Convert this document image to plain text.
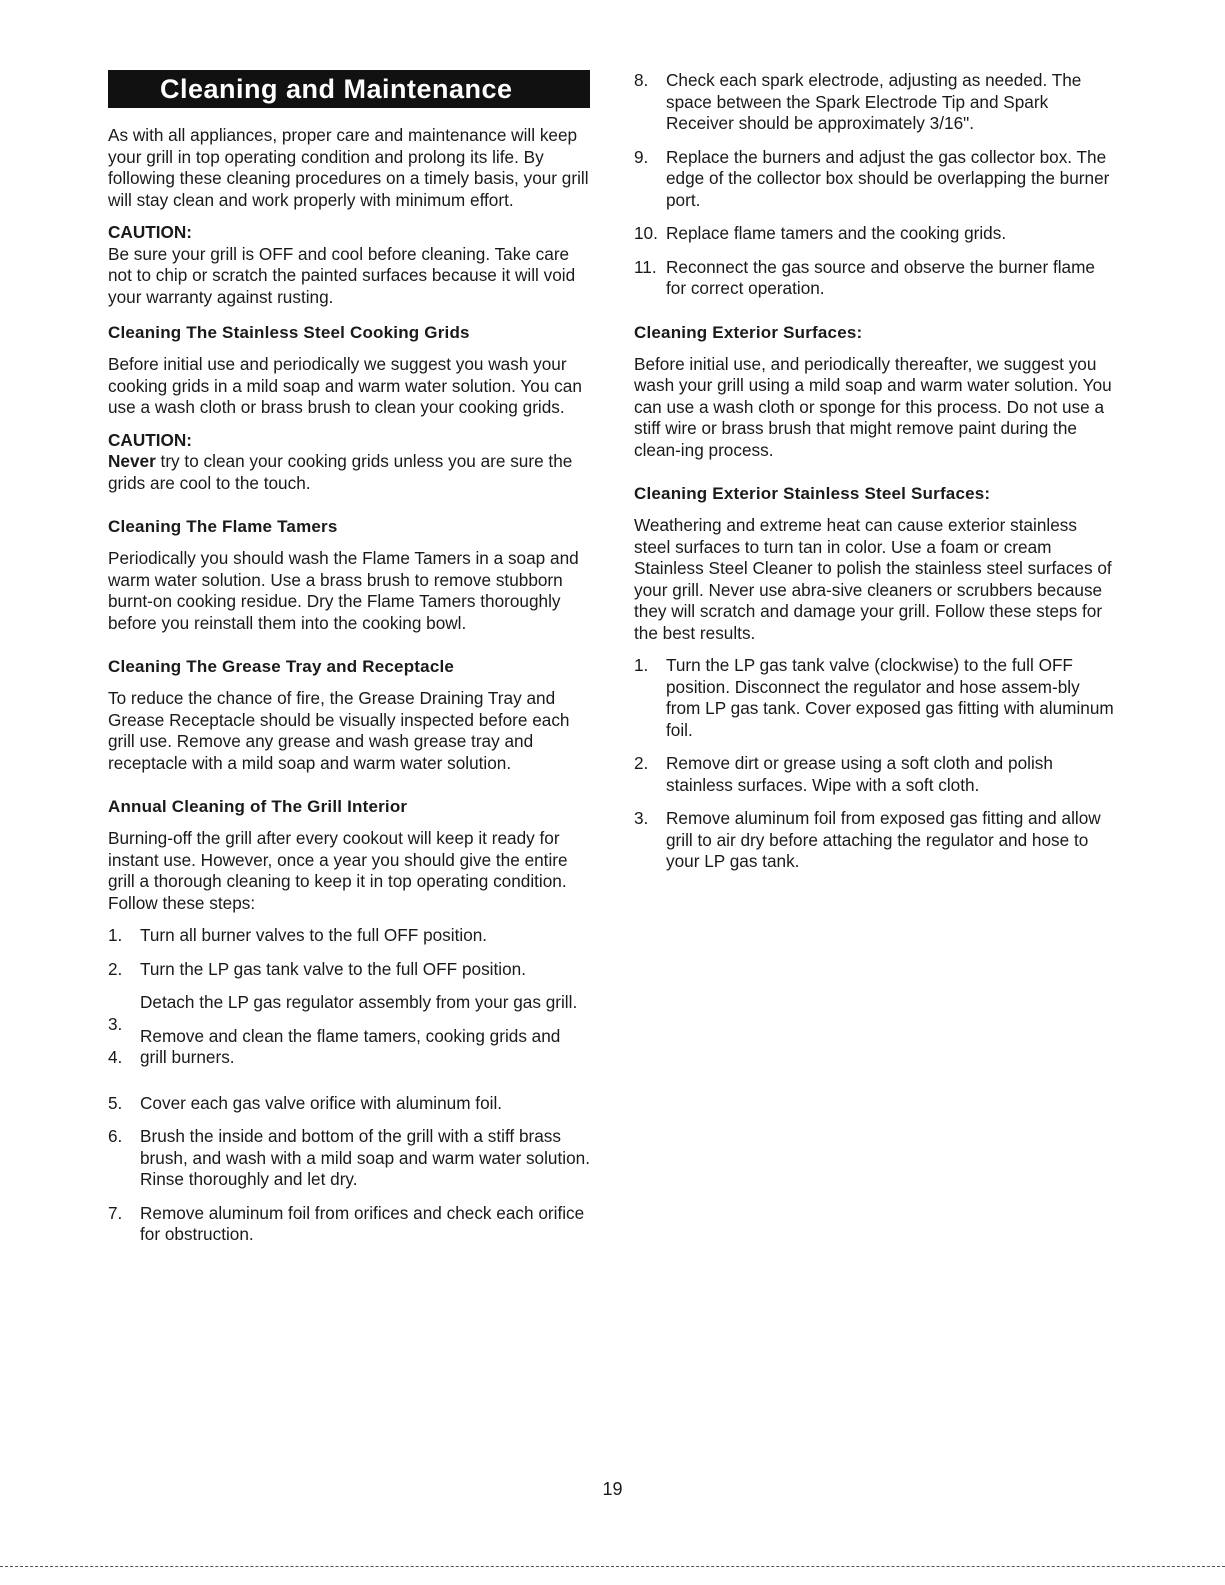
Cleaning and Maintenance

As with all appliances, proper care and maintenance will keep your grill in top operating condition and prolong its life. By following these cleaning procedures on a timely basis, your grill will stay clean and work properly with minimum effort.

CAUTION:

Be sure your grill is OFF and cool before cleaning. Take care not to chip or scratch the painted surfaces because it will void your warranty against rusting.

Cleaning The Stainless Steel Cooking Grids

Before initial use and periodically we suggest you wash your cooking grids in a mild soap and warm water solution. You can use a wash cloth or brass brush to clean your cooking grids.

CAUTION:

Never try to clean your cooking grids unless you are sure the grids are cool to the touch.

Cleaning The Flame Tamers

Periodically you should wash the Flame Tamers in a soap and warm water solution. Use a brass brush to remove stubborn burnt-on cooking residue. Dry the Flame Tamers thoroughly before you reinstall them into the cooking bowl.

Cleaning The Grease Tray and Receptacle

To reduce the chance of fire, the Grease Draining Tray and Grease Receptacle should be visually inspected before each grill use. Remove any grease and wash grease tray and receptacle with a mild soap and warm water solution.

Annual Cleaning of The Grill Interior

Burning-off the grill after every cookout will keep it ready for instant use. However, once a year you should give the entire grill a thorough cleaning to keep it in top operating condition. Follow these steps:

1. Turn all burner valves to the full OFF position.
2. Turn the LP gas tank valve to the full OFF position.
3.
Detach the LP gas regulator assembly from your gas grill.
4.
Remove and clean the flame tamers, cooking grids and grill burners.
5. Cover each gas valve orifice with aluminum foil.
6. Brush the inside and bottom of the grill with a stiff brass brush, and wash with a mild soap and warm water solution. Rinse thoroughly and let dry.
7. Remove aluminum foil from orifices and check each orifice for obstruction.
8. Check each spark electrode, adjusting as needed. The space between the Spark Electrode Tip and Spark Receiver should be approximately 3/16".
9. Replace the burners and adjust the gas collector box. The edge of the collector box should be overlapping the burner port.
10. Replace flame tamers and the cooking grids.
11. Reconnect the gas source and observe the burner flame for correct operation.
Cleaning Exterior Surfaces:

Before initial use, and periodically thereafter, we suggest you wash your grill using a mild soap and warm water solution. You can use a wash cloth or sponge for this process. Do not use a stiff wire or brass brush that might remove paint during the clean-ing process.

Cleaning Exterior Stainless Steel Surfaces:

Weathering and extreme heat can cause exterior stainless steel surfaces to turn tan in color. Use a foam or cream Stainless Steel Cleaner to polish the stainless steel surfaces of your grill. Never use abra-sive cleaners or scrubbers because they will scratch and damage your grill. Follow these steps for the best results.

1. Turn the LP gas tank valve (clockwise) to the full OFF position. Disconnect the regulator and hose assem-bly from LP gas tank. Cover exposed gas fitting with aluminum foil.
2. Remove dirt or grease using a soft cloth and polish stainless surfaces. Wipe with a soft cloth.
3. Remove aluminum foil from exposed gas fitting and allow grill to air dry before attaching the regulator and hose to your LP gas tank.
19
